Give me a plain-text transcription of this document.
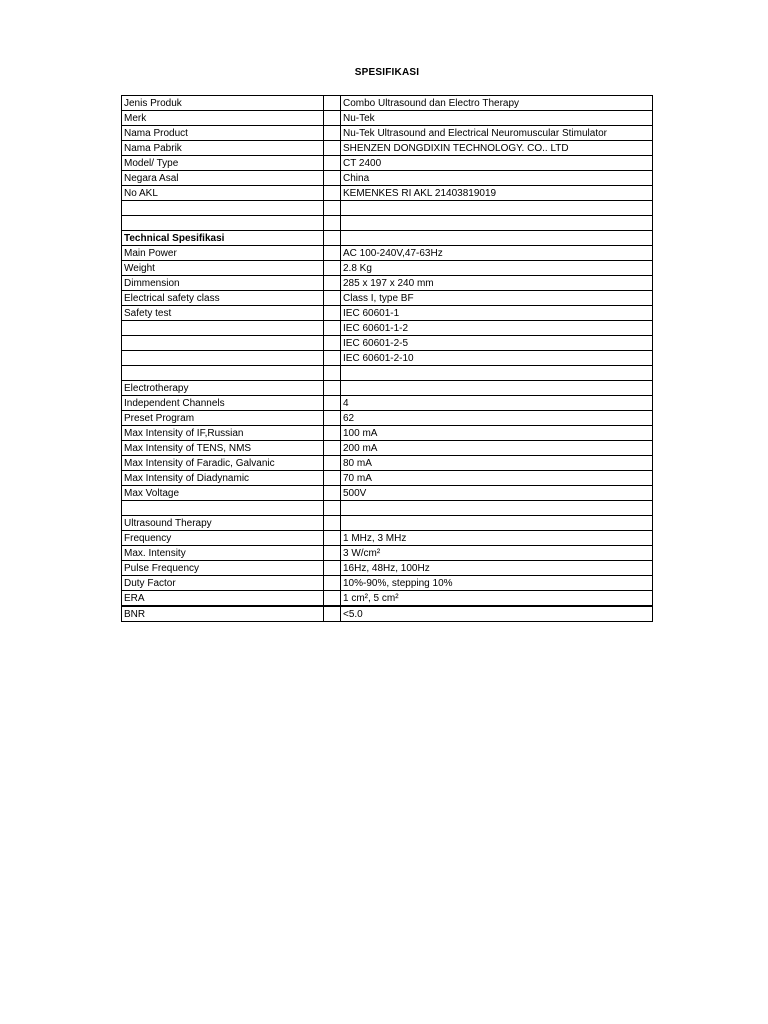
SPESIFIKASI
Jenis Produk		Combo Ultrasound dan Electro Therapy
Merk		Nu-Tek
Nama Product		Nu-Tek Ultrasound and Electrical Neuromuscular Stimulator
Nama Pabrik		SHENZEN DONGDIXIN TECHNOLOGY. CO.. LTD
Model/ Type		CT 2400
Negara Asal		China
No AKL		KEMENKES RI AKL 21403819019

Technical Spesifikasi		
Main Power		AC 100-240V,47-63Hz
Weight		2.8 Kg
Dimmension		285 x 197 x 240 mm
Electrical safety class		Class I, type BF
Safety test		IEC 60601-1
		IEC 60601-1-2
		IEC 60601-2-5
		IEC 60601-2-10

Electrotherapy		
Independent Channels		4
Preset Program		62
Max Intensity of IF,Russian		100 mA
Max Intensity of TENS, NMS		200 mA
Max Intensity of Faradic, Galvanic		80 mA
Max Intensity of Diadynamic		70 mA
Max Voltage		500V

Ultrasound Therapy		
Frequency		1 MHz, 3 MHz
Max. Intensity		3 W/cm²
Pulse Frequency		16Hz, 48Hz, 100Hz
Duty Factor		10%-90%, stepping 10%
ERA		1 cm², 5 cm²
BNR		<5.0
